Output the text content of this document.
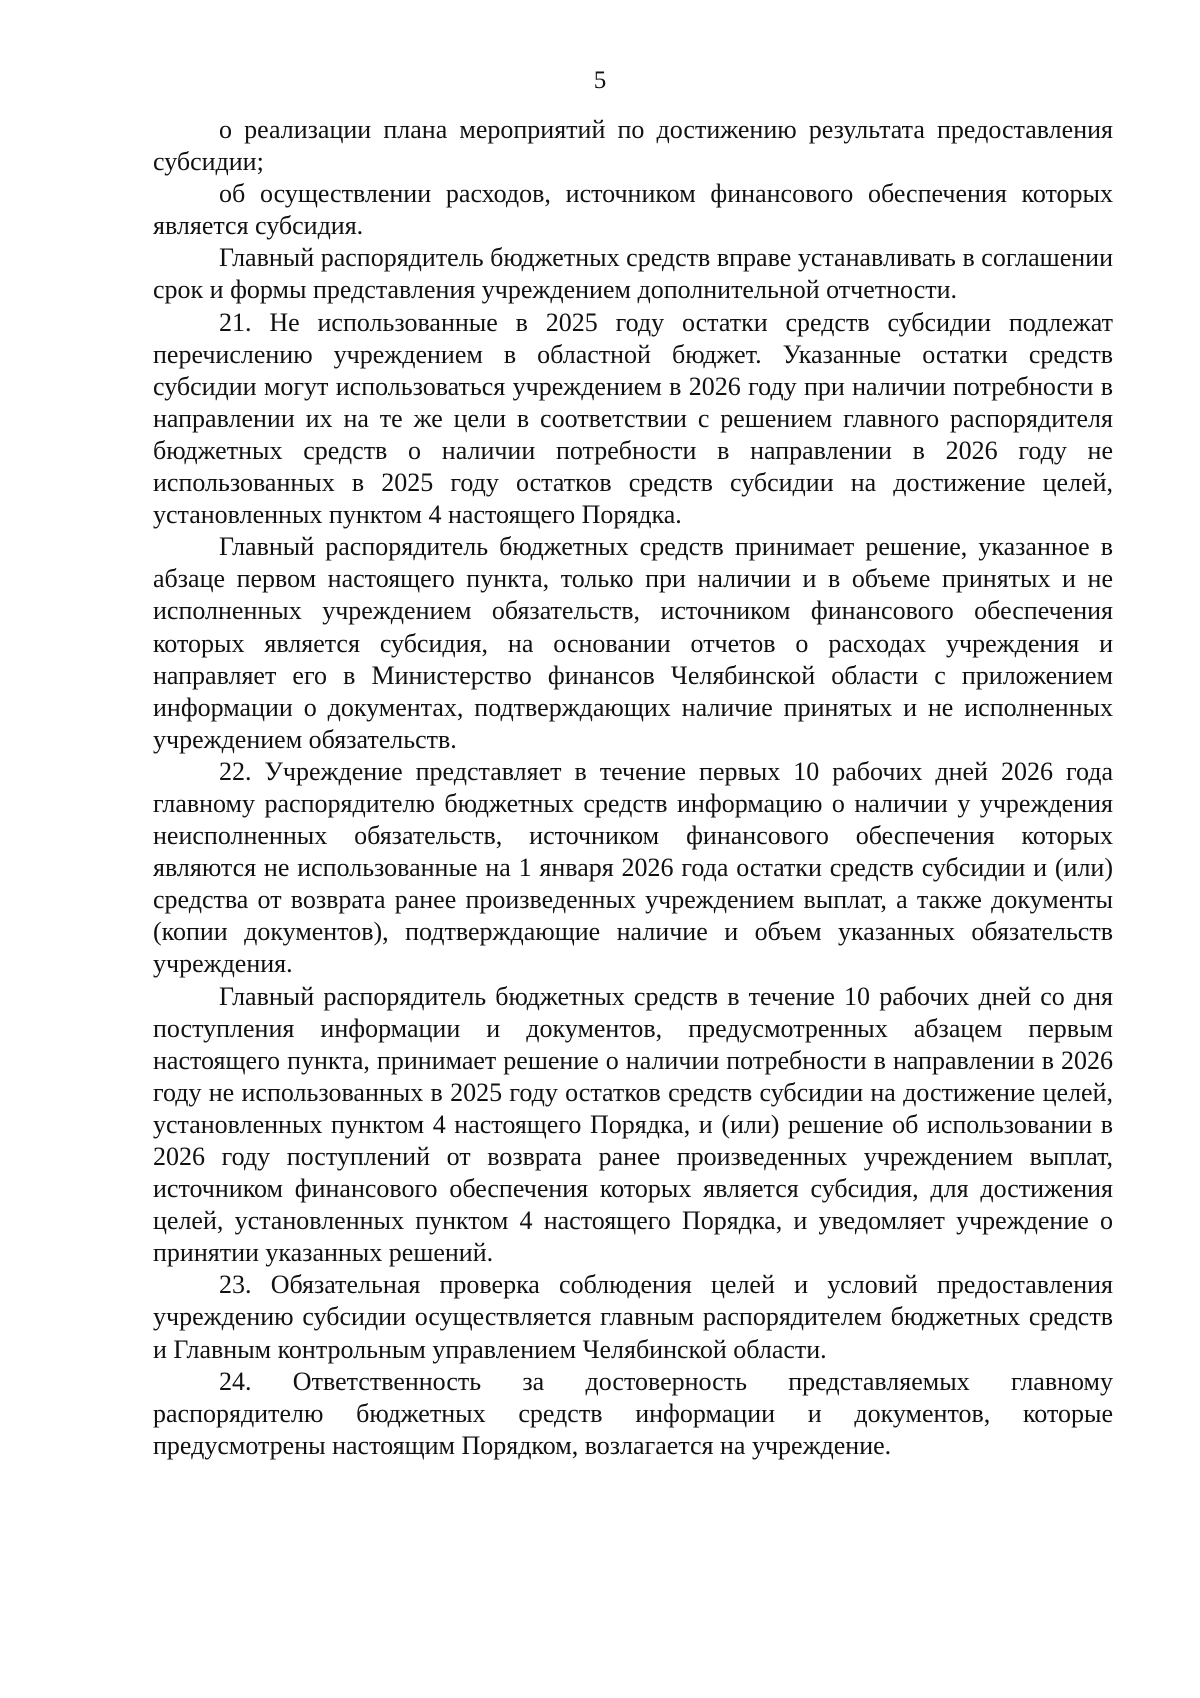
5

о реализации плана мероприятий по достижению результата предоставления субсидии;

об осуществлении расходов, источником финансового обеспечения которых является субсидия.

Главный распорядитель бюджетных средств вправе устанавливать в соглашении срок и формы представления учреждением дополнительной отчетности.

21. Не использованные в 2025 году остатки средств субсидии подлежат перечислению учреждением в областной бюджет. Указанные остатки средств субсидии могут использоваться учреждением в 2026 году при наличии потребности в направлении их на те же цели в соответствии с решением главного распорядителя бюджетных средств о наличии потребности в направлении в 2026 году не использованных в 2025 году остатков средств субсидии на достижение целей, установленных пунктом 4 настоящего Порядка.

Главный распорядитель бюджетных средств принимает решение, указанное в абзаце первом настоящего пункта, только при наличии и в объеме принятых и не исполненных учреждением обязательств, источником финансового обеспечения которых является субсидия, на основании отчетов о расходах учреждения и направляет его в Министерство финансов Челябинской области с приложением информации о документах, подтверждающих наличие принятых и не исполненных учреждением обязательств.

22. Учреждение представляет в течение первых 10 рабочих дней 2026 года главному распорядителю бюджетных средств информацию о наличии у учреждения неисполненных обязательств, источником финансового обеспечения которых являются не использованные на 1 января 2026 года остатки средств субсидии и (или) средства от возврата ранее произведенных учреждением выплат, а также документы (копии документов), подтверждающие наличие и объем указанных обязательств учреждения.

Главный распорядитель бюджетных средств в течение 10 рабочих дней со дня поступления информации и документов, предусмотренных абзацем первым настоящего пункта, принимает решение о наличии потребности в направлении в 2026 году не использованных в 2025 году остатков средств субсидии на достижение целей, установленных пунктом 4 настоящего Порядка, и (или) решение об использовании в 2026 году поступлений от возврата ранее произведенных учреждением выплат, источником финансового обеспечения которых является субсидия, для достижения целей, установленных пунктом 4 настоящего Порядка, и уведомляет учреждение о принятии указанных решений.

23. Обязательная проверка соблюдения целей и условий предоставления учреждению субсидии осуществляется главным распорядителем бюджетных средств и Главным контрольным управлением Челябинской области.

24. Ответственность за достоверность представляемых главному распорядителю бюджетных средств информации и документов, которые предусмотрены настоящим Порядком, возлагается на учреждение.
